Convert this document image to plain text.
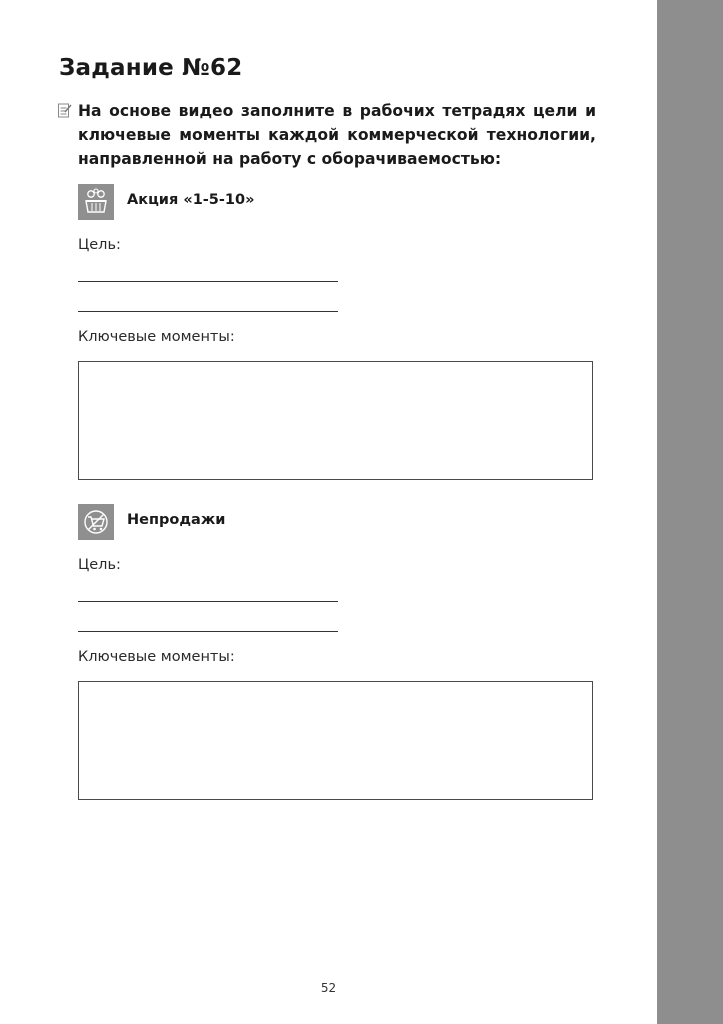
Задание №62

На основе видео заполните в рабочих тетрадях цели и ключевые моменты каждой коммерческой технологии, направленной на работу с оборачиваемостью:

Акция «1-5-10»
Цель:
Ключевые моменты:
Непродажи
Цель:
Ключевые моменты:
52
